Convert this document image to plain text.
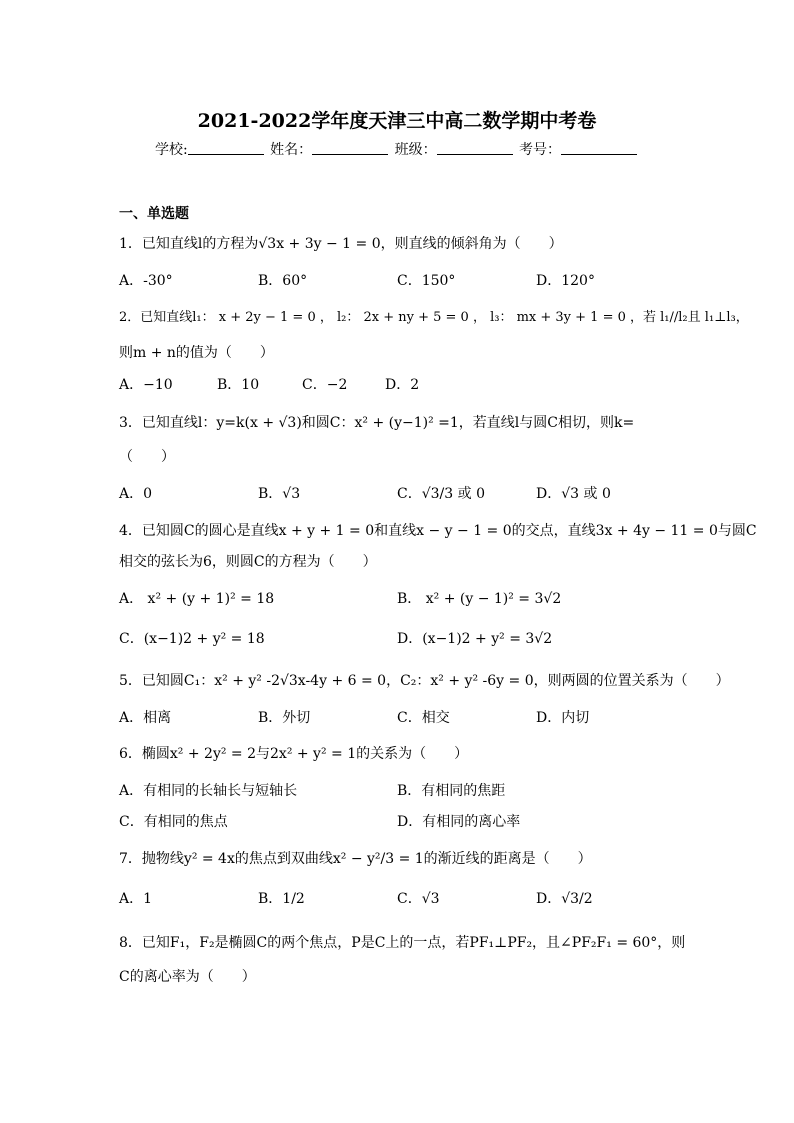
2021-2022学年度天津三中高二数学期中考卷
学校:	姓名：	班级：	考号：
一、单选题
1．已知直线l的方程为√3x + 3y − 1 = 0，则直线的倾斜角为（　　）
A．-30°	B．60°	C．150°	D．120°
2．已知直线l₁： x + 2y − 1 = 0 ， l₂： 2x + ny + 5 = 0 ， l₃： mx + 3y + 1 = 0 ，若 l₁//l₂且 l₁⊥l₃，
则m + n的值为（　　）
A．−10	B．10	C．−2	D．2
3．已知直线l：y=k(x + √3)和圆C：x² + (y−1)² =1，若直线l与圆C相切，则k=
（　　）
A．0	B．√3	C．√3/3 或 0	D．√3 或 0
4．已知圆C的圆心是直线x + y + 1 = 0和直线x − y − 1 = 0的交点，直线3x + 4y − 11 = 0与圆C
相交的弦长为6，则圆C的方程为（　　）
A． x² + (y + 1)² = 18	B． x² + (y − 1)² = 3√2
C．(x−1)2 + y² = 18	D．(x−1)2 + y² = 3√2
5．已知圆C₁：x² + y² -2√3x-4y + 6 = 0，C₂：x² + y² -6y = 0，则两圆的位置关系为（　　）
A．相离	B．外切	C．相交	D．内切
6．椭圆x² + 2y² = 2与2x² + y² = 1的关系为（　　）
A．有相同的长轴长与短轴长	B．有相同的焦距
C．有相同的焦点	D．有相同的离心率
7．抛物线y² = 4x的焦点到双曲线x² − y²/3 = 1的渐近线的距离是（　　）
A．1	B．1/2	C．√3	D．√3/2
8．已知F₁，F₂是椭圆C的两个焦点，P是C上的一点，若PF₁⊥PF₂，且∠PF₂F₁ = 60°，则
C的离心率为（　　）
